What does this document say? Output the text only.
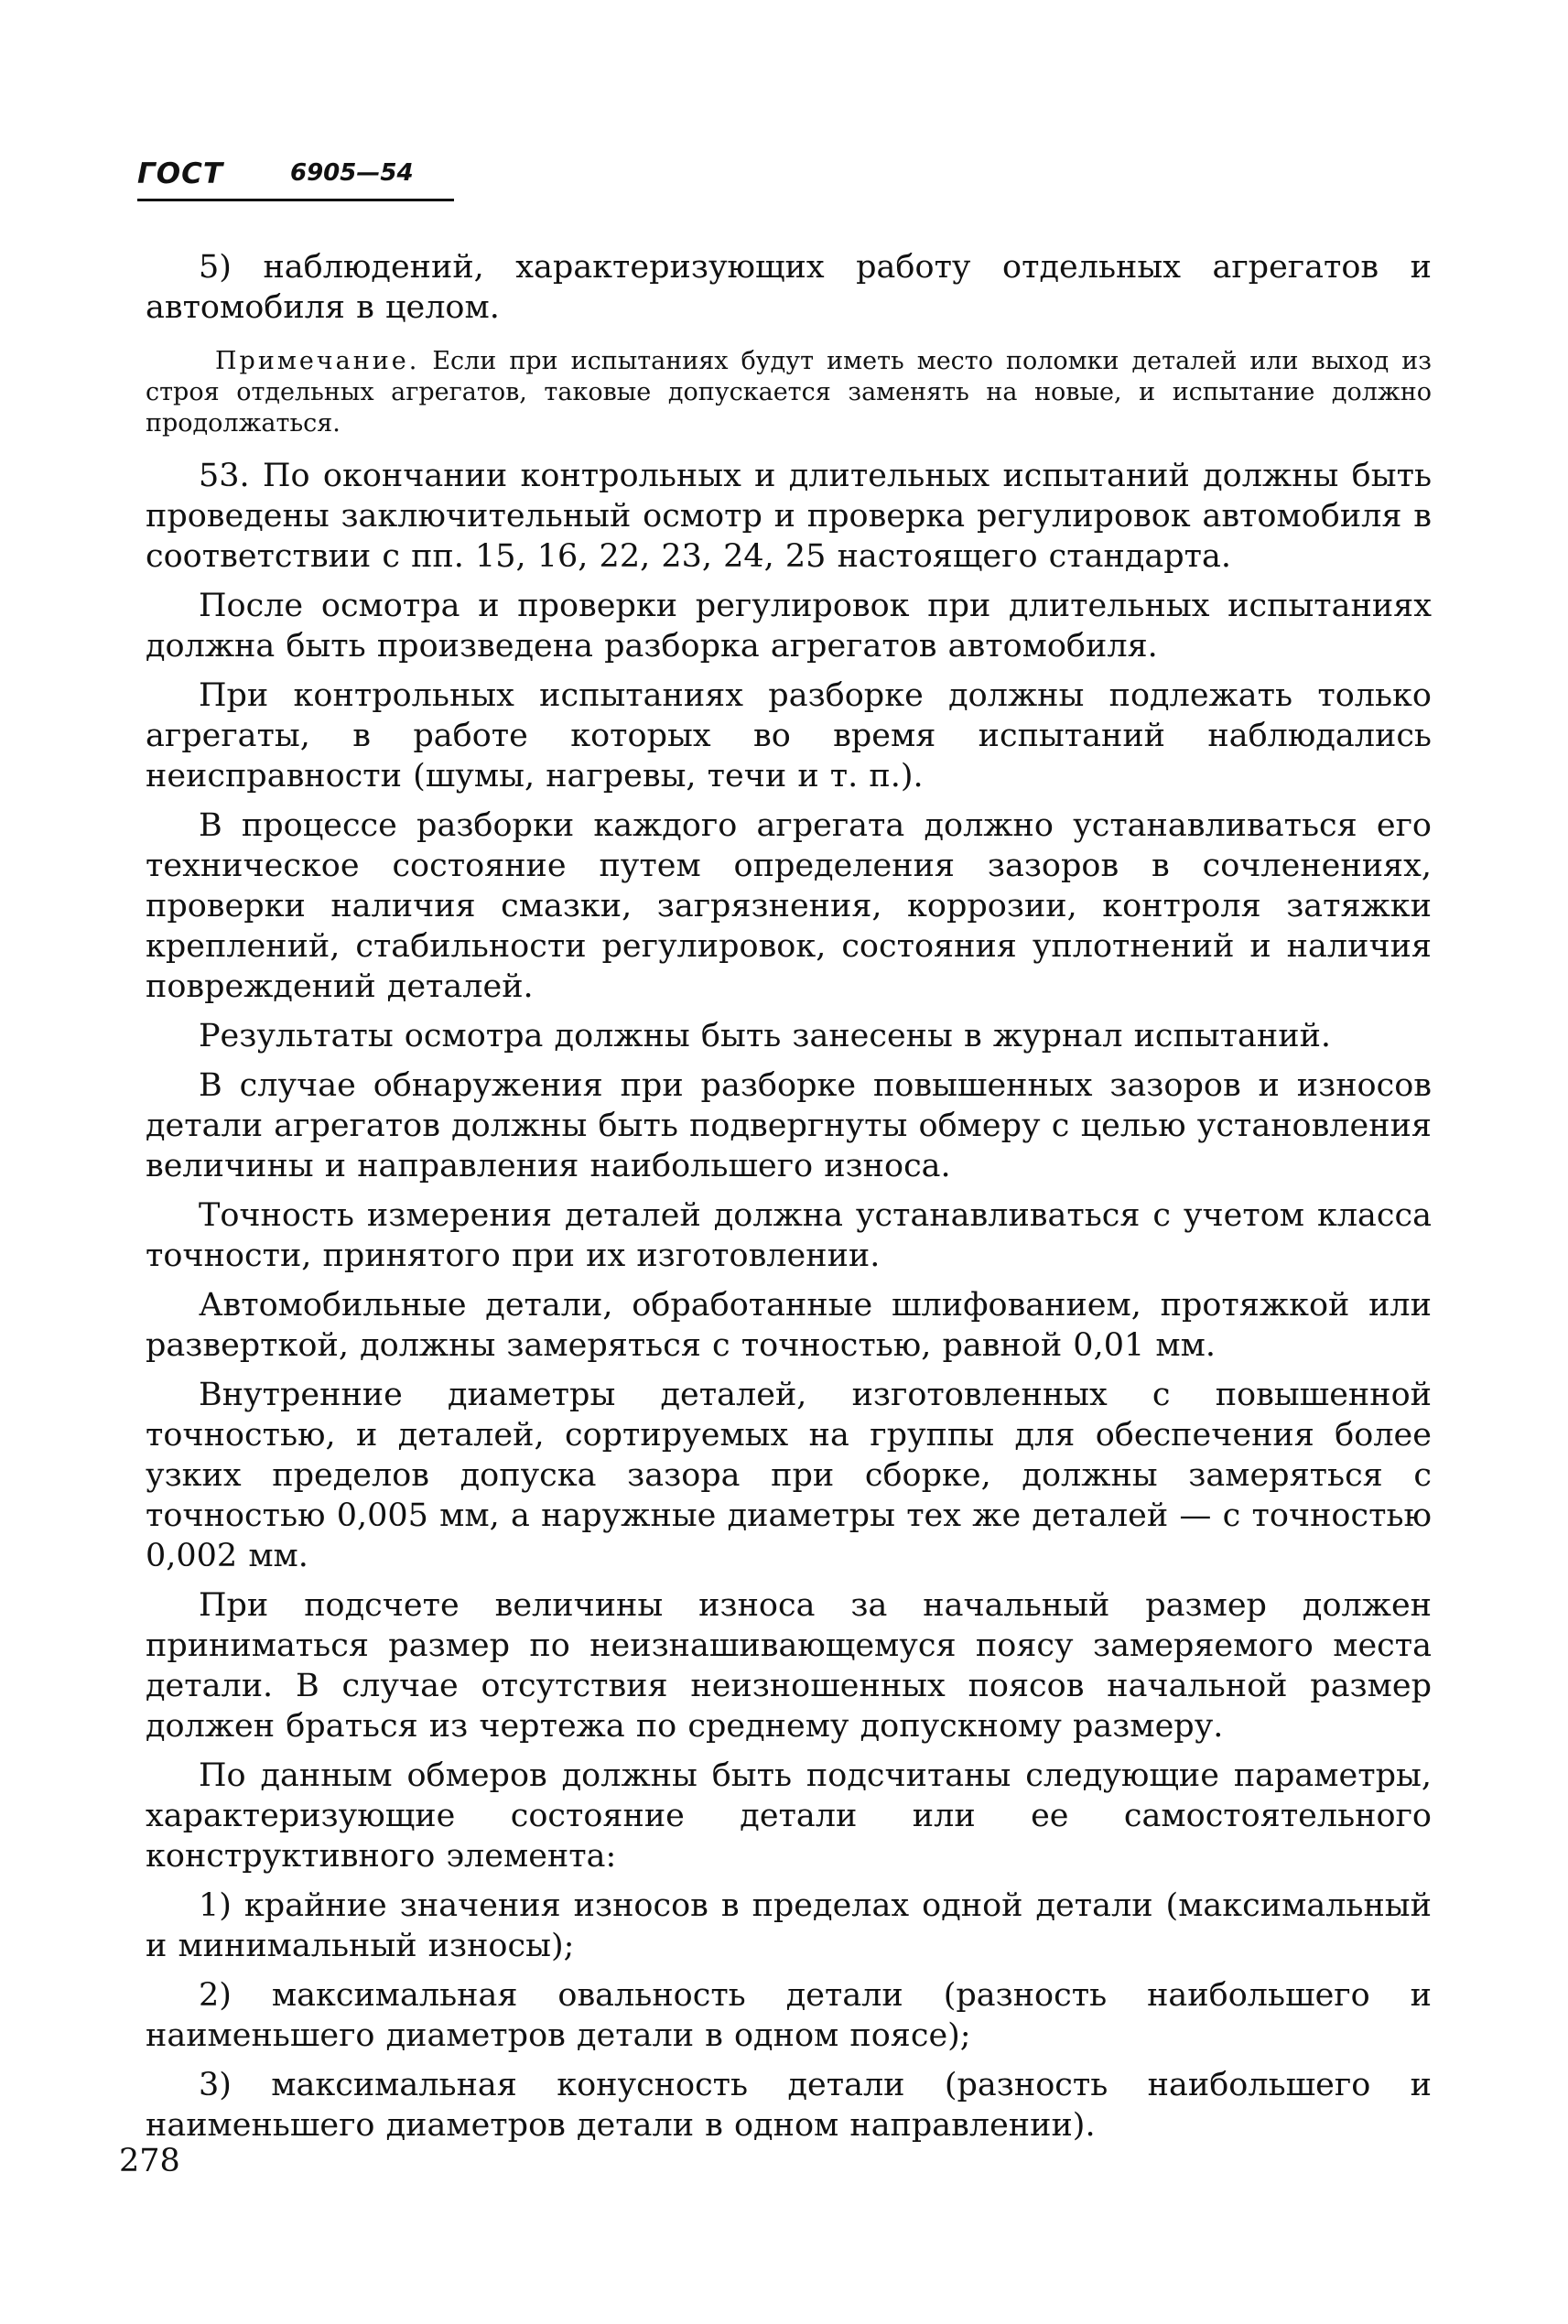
ГОСТ	6905—54

5) наблюдений, характеризующих работу отдельных агрегатов и автомобиля в целом.

Примечание. Если при испытаниях будут иметь место поломки деталей или выход из строя отдельных агрегатов, таковые допускается заменять на новые, и испытание должно продолжаться.

53. По окончании контрольных и длительных испытаний должны быть проведены заключительный осмотр и проверка регулировок автомобиля в соответствии с пп. 15, 16, 22, 23, 24, 25 настоящего стандарта.

После осмотра и проверки регулировок при длительных испытаниях должна быть произведена разборка агрегатов автомобиля.

При контрольных испытаниях разборке должны подлежать только агрегаты, в работе которых во время испытаний наблюдались неисправности (шумы, нагревы, течи и т. п.).

В процессе разборки каждого агрегата должно устанавливаться его техническое состояние путем определения зазоров в сочленениях, проверки наличия смазки, загрязнения, коррозии, контроля затяжки креплений, стабильности регулировок, состояния уплотнений и наличия повреждений деталей.

Результаты осмотра должны быть занесены в журнал испытаний.

В случае обнаружения при разборке повышенных зазоров и износов детали агрегатов должны быть подвергнуты обмеру с целью установления величины и направления наибольшего износа.

Точность измерения деталей должна устанавливаться с учетом класса точности, принятого при их изготовлении.

Автомобильные детали, обработанные шлифованием, протяжкой или разверткой, должны замеряться с точностью, равной 0,01 мм.

Внутренние диаметры деталей, изготовленных с повышенной точностью, и деталей, сортируемых на группы для обеспечения более узких пределов допуска зазора при сборке, должны замеряться с точностью 0,005 мм, а наружные диаметры тех же деталей — с точностью 0,002 мм.

При подсчете величины износа за начальный размер должен приниматься размер по неизнашивающемуся поясу замеряемого места детали. В случае отсутствия неизношенных поясов начальной размер должен браться из чертежа по среднему допускному размеру.

По данным обмеров должны быть подсчитаны следующие параметры, характеризующие состояние детали или ее самостоятельного конструктивного элемента:

1) крайние значения износов в пределах одной детали (максимальный и минимальный износы);

2) максимальная овальность детали (разность наибольшего и наименьшего диаметров детали в одном поясе);

3) максимальная конусность детали (разность наибольшего и наименьшего диаметров детали в одном направлении).

278
